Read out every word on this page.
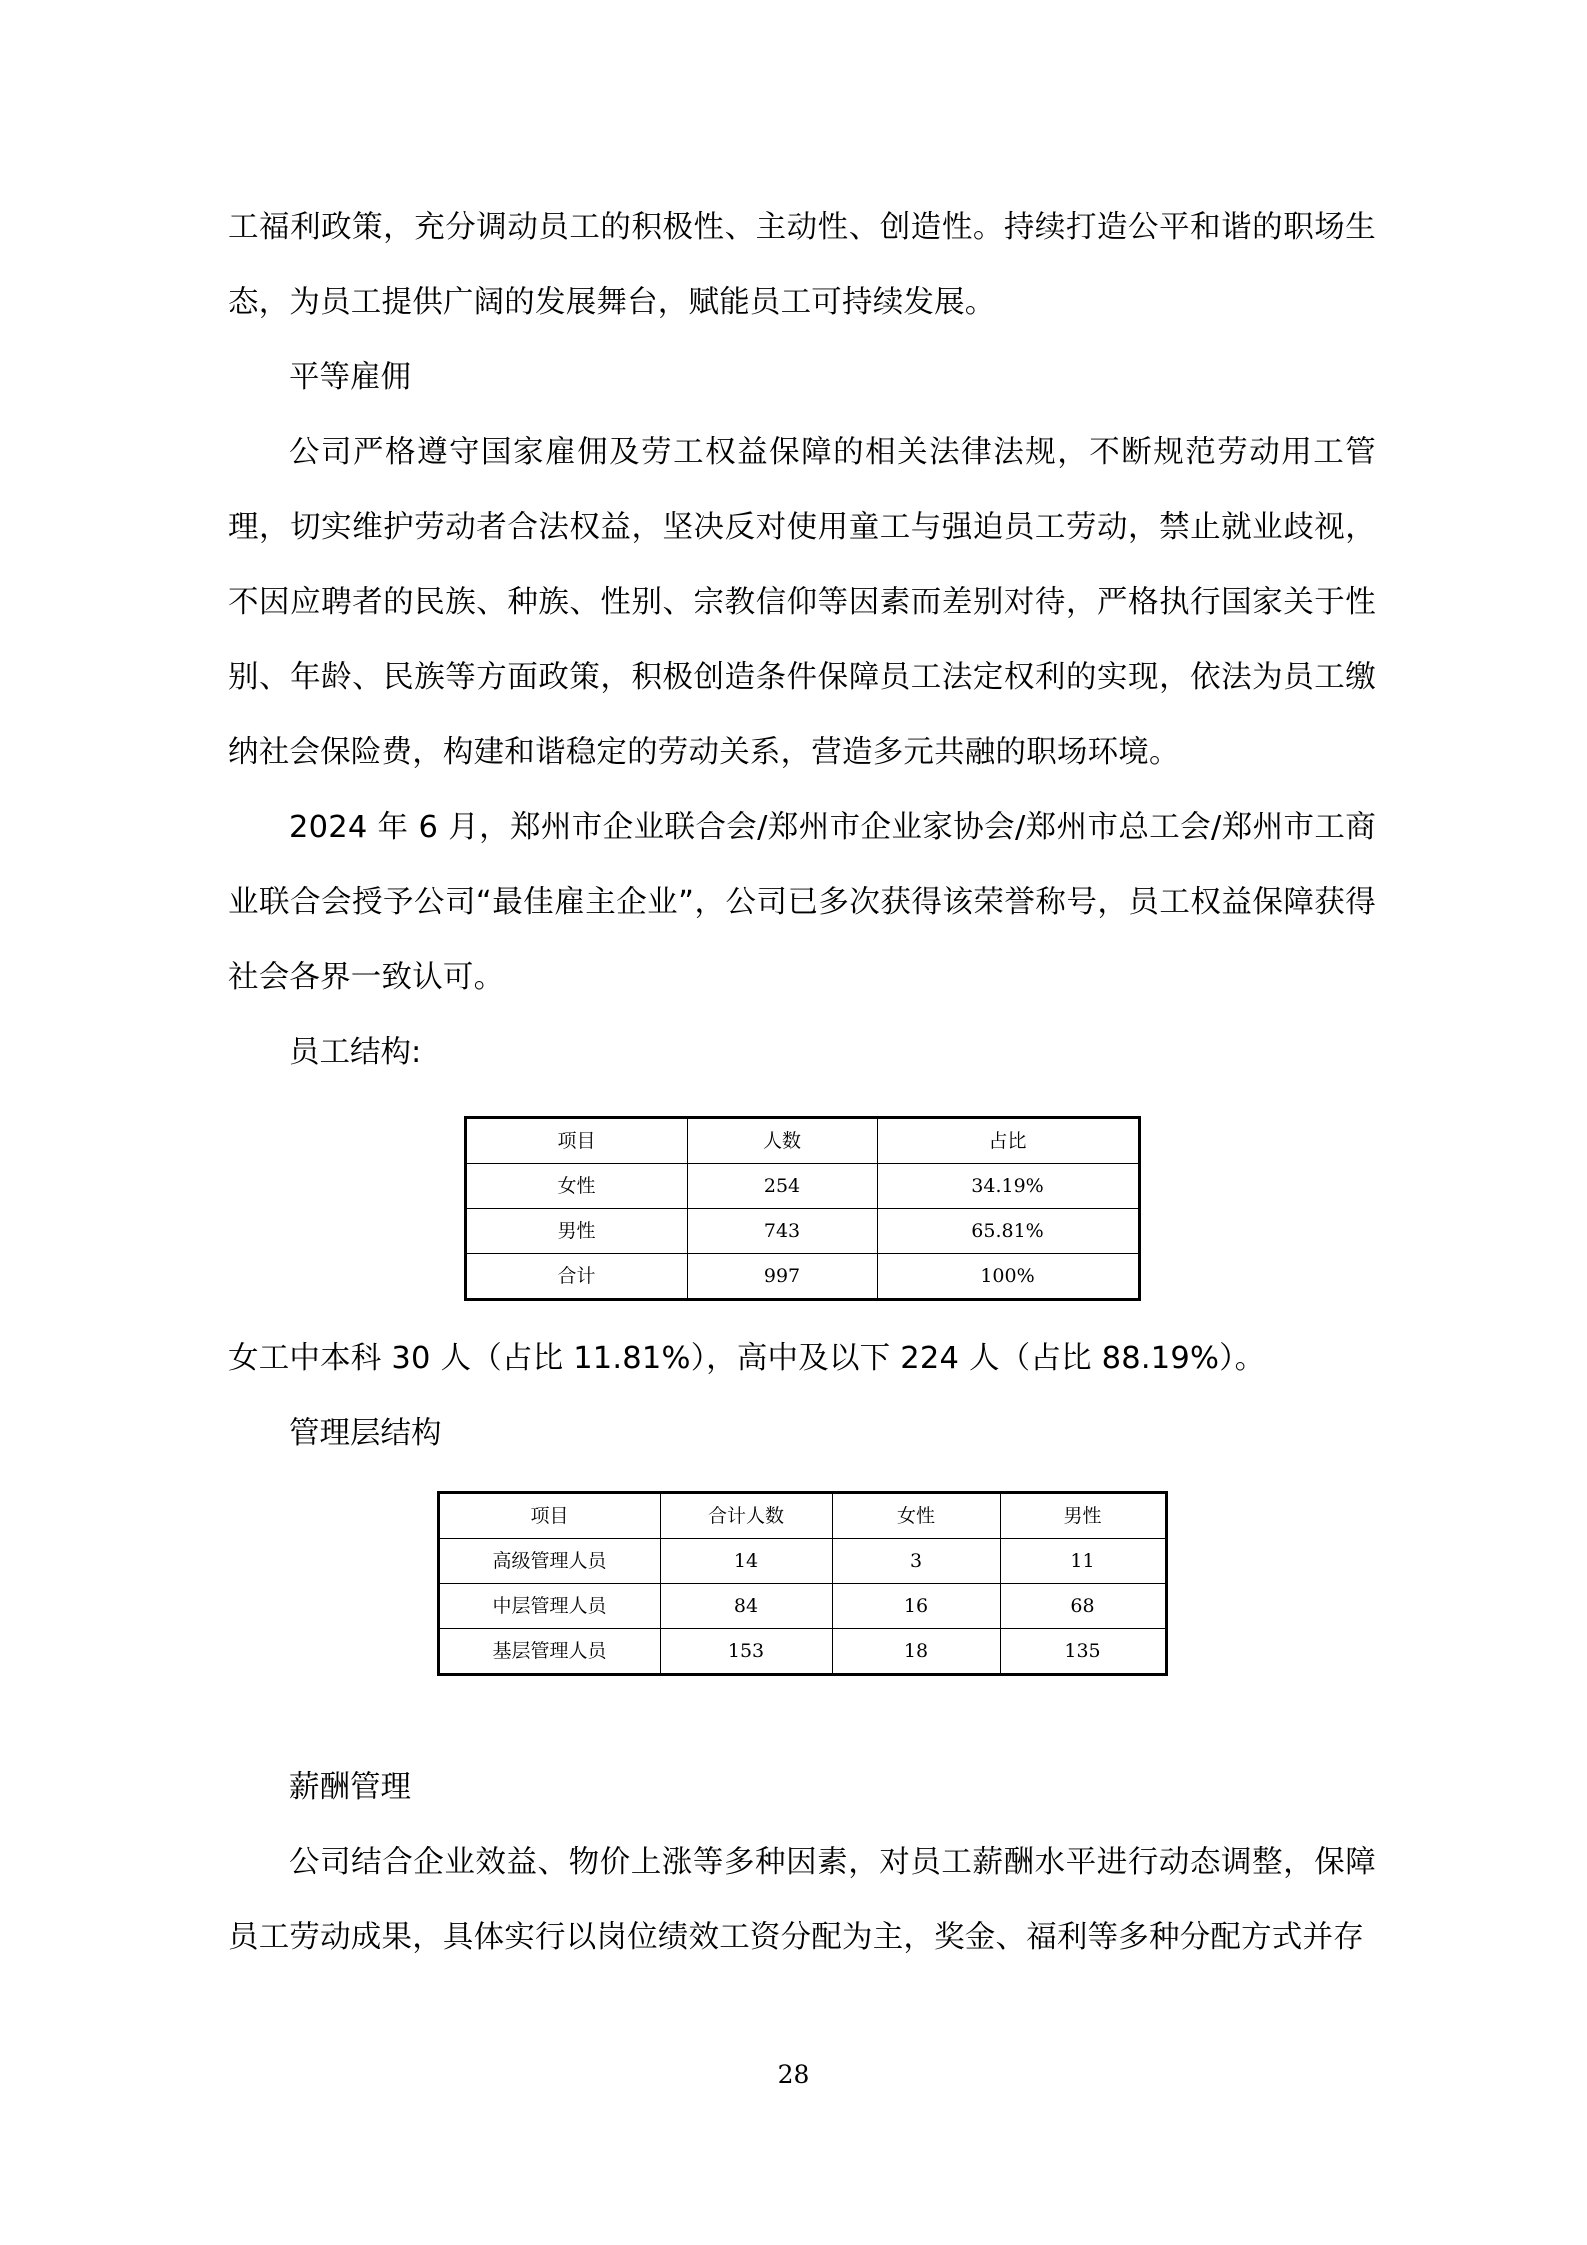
工福利政策，充分调动员工的积极性、主动性、创造性。持续打造公平和谐的职场生态，为员工提供广阔的发展舞台，赋能员工可持续发展。

平等雇佣

公司严格遵守国家雇佣及劳工权益保障的相关法律法规，不断规范劳动用工管理，切实维护劳动者合法权益，坚决反对使用童工与强迫员工劳动，禁止就业歧视，不因应聘者的民族、种族、性别、宗教信仰等因素而差别对待，严格执行国家关于性别、年龄、民族等方面政策，积极创造条件保障员工法定权利的实现，依法为员工缴纳社会保险费，构建和谐稳定的劳动关系，营造多元共融的职场环境。

2024 年 6 月，郑州市企业联合会/郑州市企业家协会/郑州市总工会/郑州市工商业联合会授予公司“最佳雇主企业”，公司已多次获得该荣誉称号，员工权益保障获得社会各界一致认可。

员工结构:

项目	人数	占比
女性	254	34.19%
男性	743	65.81%
合计	997	100%

女工中本科 30 人（占比 11.81%），高中及以下 224 人（占比 88.19%）。

管理层结构

项目	合计人数	女性	男性
高级管理人员	14	3	11
中层管理人员	84	16	68
基层管理人员	153	18	135

薪酬管理

公司结合企业效益、物价上涨等多种因素，对员工薪酬水平进行动态调整，保障员工劳动成果，具体实行以岗位绩效工资分配为主，奖金、福利等多种分配方式并存

28
